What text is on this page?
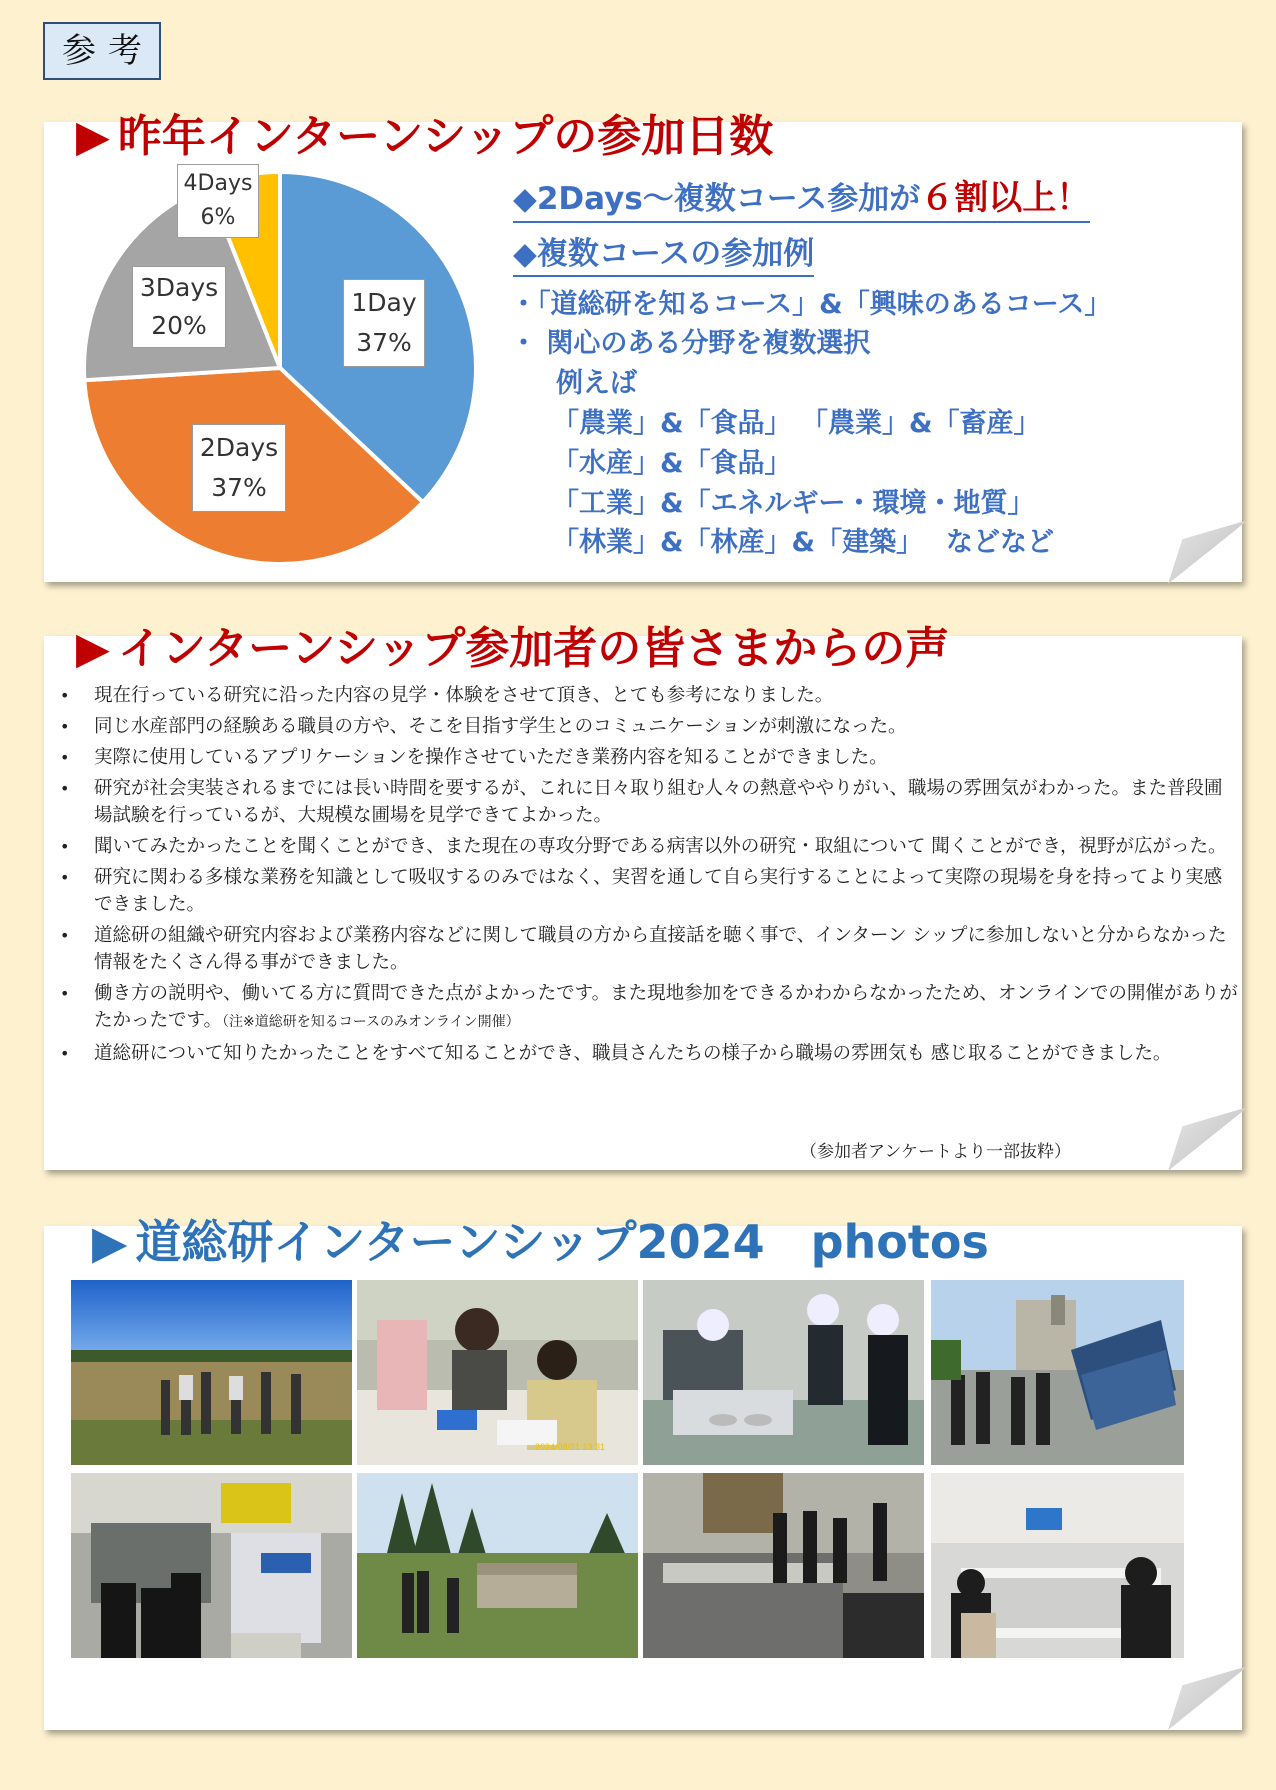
参考
▶ 昨年インターンシップの参加日数
1Day
37%
2Days
37%
3Days
20%
4Days
6%
◆2Days～複数コース参加が６割以上！
◆複数コースの参加例
・「道総研を知るコース」&「興味のあるコース」
・ 関心のある分野を複数選択
例えば
「農業」&「食品」 「農業」&「畜産」
「水産」&「食品」
「工業」&「エネルギー・環境・地質」
「林業」&「林産」&「建築」　 などなど
▶ インターンシップ参加者の皆さまからの声
• 現在行っている研究に沿った内容の見学・体験をさせて頂き、とても参考になりました。
• 同じ水産部門の経験ある職員の方や、そこを目指す学生とのコミュニケーションが刺激になった。
• 実際に使用しているアプリケーションを操作させていただき業務内容を知ることができました。
• 研究が社会実装されるまでには長い時間を要するが、これに日々取り組む人々の熱意ややりがい、職場の雰囲気がわかった。また普段圃場試験を行っているが、大規模な圃場を見学できてよかった。
• 聞いてみたかったことを聞くことができ、また現在の専攻分野である病害以外の研究・取組について 聞くことができ，視野が広がった。
• 研究に関わる多様な業務を知識として吸収するのみではなく、実習を通して自ら実行することによって実際の現場を身を持ってより実感できました。
• 道総研の組織や研究内容および業務内容などに関して職員の方から直接話を聴く事で、インターン シップに参加しないと分からなかった情報をたくさん得る事ができました。
• 働き方の説明や、働いてる方に質問できた点がよかったです。また現地参加をできるかわからなかったため、オンラインでの開催がありがたかったです。（注※道総研を知るコースのみオンライン開催）
• 道総研について知りたかったことをすべて知ることができ、職員さんたちの様子から職場の雰囲気も 感じ取ることができました。
（参加者アンケートより一部抜粋）
▶ 道総研インターンシップ2024　photos
2024/08/21 13:31
